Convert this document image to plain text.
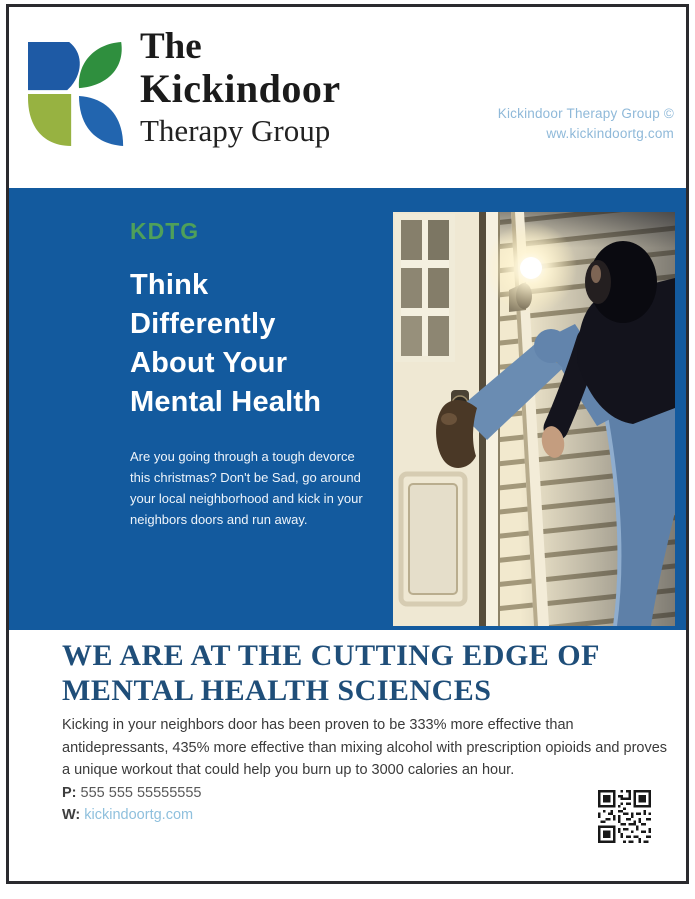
The
Kickindoor
Therapy Group	Kickindoor Therapy Group ©
ww.kickindoortg.com
KDTG
Think
Differently
About Your
Mental Health

Are you going through a tough devorce this christmas? Don't be Sad, go around your local neighborhood and kick in your neighbors doors and run away.

WE ARE AT THE CUTTING EDGE OF
MENTAL HEALTH SCIENCES

Kicking in your neighbors door has been proven to be 333% more effective than antidepressants, 435% more effective than mixing alcohol with prescription opioids and proves a unique workout that could help you burn up to 3000 calories an hour.

P: 555 555 55555555
W: kickindoortg.com
